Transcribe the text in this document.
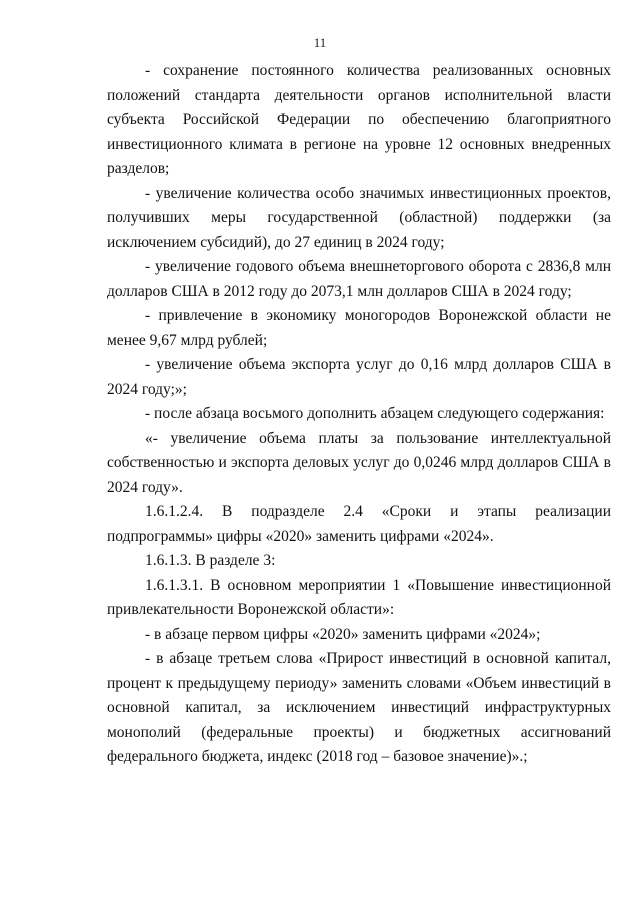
11

- сохранение постоянного количества реализованных основных положений стандарта деятельности органов исполнительной власти субъекта Российской Федерации по обеспечению благоприятного инвестиционного климата в регионе на уровне 12 основных внедренных разделов;

- увеличение количества особо значимых инвестиционных проектов, получивших меры государственной (областной) поддержки (за исключением субсидий), до 27 единиц в 2024 году;

- увеличение годового объема внешнеторгового оборота с 2836,8 млн долларов США в 2012 году до 2073,1 млн долларов США в 2024 году;

- привлечение в экономику моногородов Воронежской области не менее 9,67 млрд рублей;

- увеличение объема экспорта услуг до 0,16 млрд долларов США в 2024 году;»;

- после абзаца восьмого дополнить абзацем следующего содержания:

«- увеличение объема платы за пользование интеллектуальной собственностью и экспорта деловых услуг до 0,0246 млрд долларов США в 2024 году».

1.6.1.2.4. В подразделе 2.4 «Сроки и этапы реализации подпрограммы» цифры «2020» заменить цифрами «2024».

1.6.1.3. В разделе 3:

1.6.1.3.1. В основном мероприятии 1 «Повышение инвестиционной привлекательности Воронежской области»:

- в абзаце первом цифры «2020» заменить цифрами «2024»;

- в абзаце третьем слова «Прирост инвестиций в основной капитал, процент к предыдущему периоду» заменить словами «Объем инвестиций в основной капитал, за исключением инвестиций инфраструктурных монополий (федеральные проекты) и бюджетных ассигнований федерального бюджета, индекс (2018 год – базовое значение)».;
